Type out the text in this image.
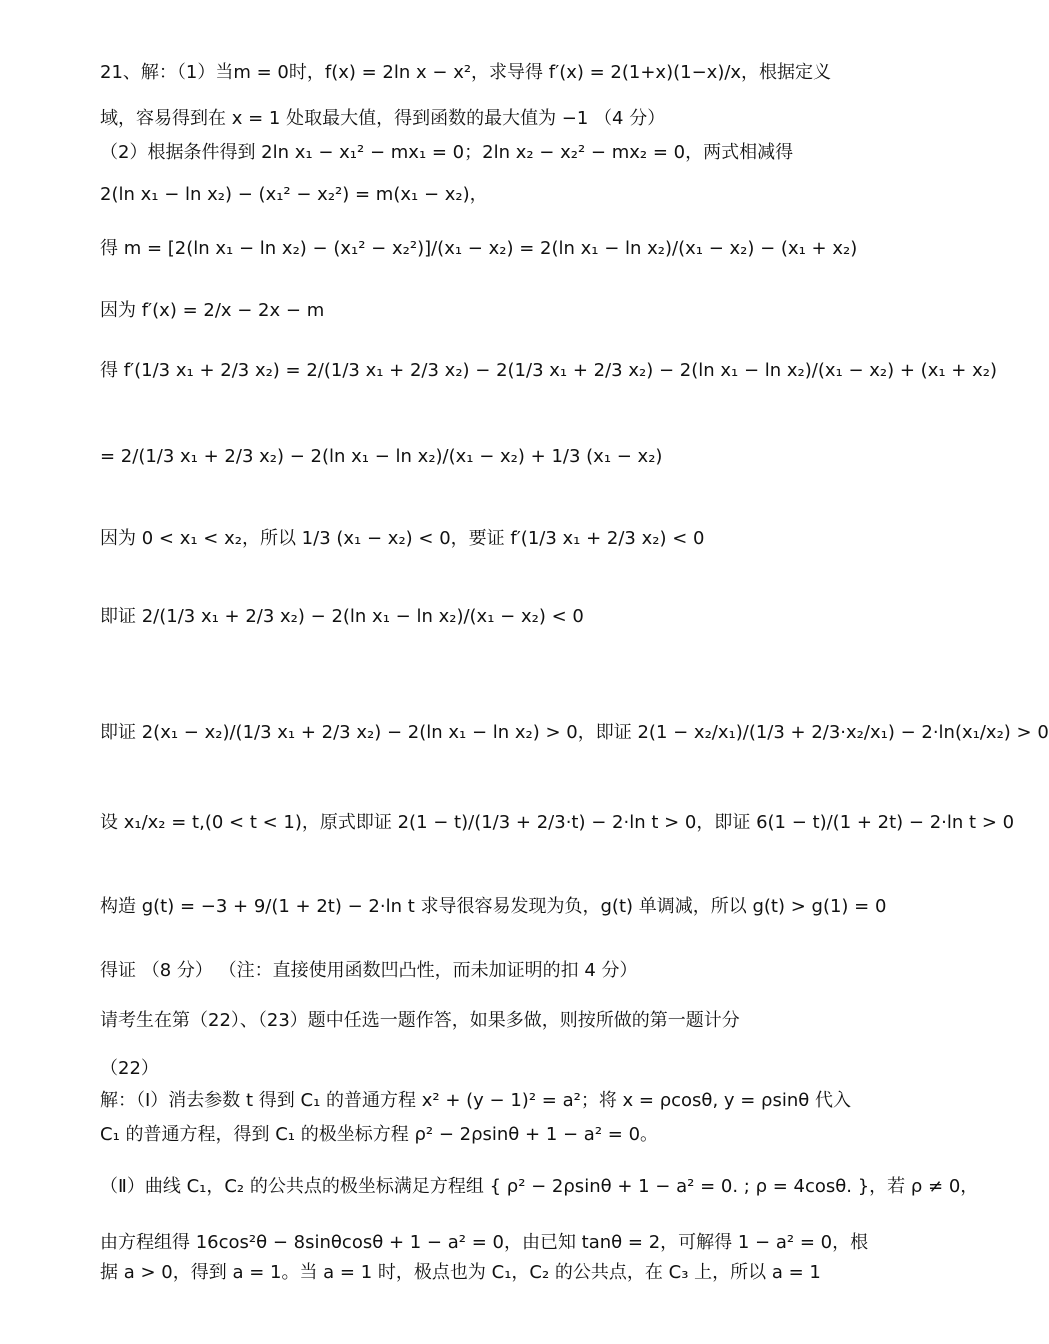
21、解：（1）当m = 0时，f(x) = 2ln x − x²，求导得 f′(x) = 2(1+x)(1−x)/x，根据定义
域，容易得到在 x = 1 处取最大值，得到函数的最大值为 −1 （4 分）
（2）根据条件得到 2ln x₁ − x₁² − mx₁ = 0；2ln x₂ − x₂² − mx₂ = 0，两式相减得
2(ln x₁ − ln x₂) − (x₁² − x₂²) = m(x₁ − x₂)，
得 m = [2(ln x₁ − ln x₂) − (x₁² − x₂²)]/(x₁ − x₂) = 2(ln x₁ − ln x₂)/(x₁ − x₂) − (x₁ + x₂)
因为 f′(x) = 2/x − 2x − m
得 f′(1/3 x₁ + 2/3 x₂) = 2/(1/3 x₁ + 2/3 x₂) − 2(1/3 x₁ + 2/3 x₂) − 2(ln x₁ − ln x₂)/(x₁ − x₂) + (x₁ + x₂)
= 2/(1/3 x₁ + 2/3 x₂) − 2(ln x₁ − ln x₂)/(x₁ − x₂) + 1/3 (x₁ − x₂)
因为 0 < x₁ < x₂，所以 1/3 (x₁ − x₂) < 0，要证 f′(1/3 x₁ + 2/3 x₂) < 0
即证 2/(1/3 x₁ + 2/3 x₂) − 2(ln x₁ − ln x₂)/(x₁ − x₂) < 0
即证 2(x₁ − x₂)/(1/3 x₁ + 2/3 x₂) − 2(ln x₁ − ln x₂) > 0，即证 2(1 − x₂/x₁)/(1/3 + 2/3·x₂/x₁) − 2·ln(x₁/x₂) > 0
设 x₁/x₂ = t,(0 < t < 1)，原式即证 2(1 − t)/(1/3 + 2/3·t) − 2·ln t > 0，即证 6(1 − t)/(1 + 2t) − 2·ln t > 0
构造 g(t) = −3 + 9/(1 + 2t) − 2·ln t 求导很容易发现为负，g(t) 单调减，所以 g(t) > g(1) = 0
得证 （8 分） （注：直接使用函数凹凸性，而未加证明的扣 4 分）
请考生在第（22）、（23）题中任选一题作答，如果多做，则按所做的第一题计分
（22）
解：（Ⅰ）消去参数 t 得到 C₁ 的普通方程 x² + (y − 1)² = a²；将 x = ρcosθ, y = ρsinθ 代入
C₁ 的普通方程，得到 C₁ 的极坐标方程 ρ² − 2ρsinθ + 1 − a² = 0。
（Ⅱ）曲线 C₁，C₂ 的公共点的极坐标满足方程组 { ρ² − 2ρsinθ + 1 − a² = 0. ; ρ = 4cosθ. }，若 ρ ≠ 0，
由方程组得 16cos²θ − 8sinθcosθ + 1 − a² = 0，由已知 tanθ = 2，可解得 1 − a² = 0，根
据 a > 0，得到 a = 1。当 a = 1 时，极点也为 C₁，C₂ 的公共点，在 C₃ 上，所以 a = 1
